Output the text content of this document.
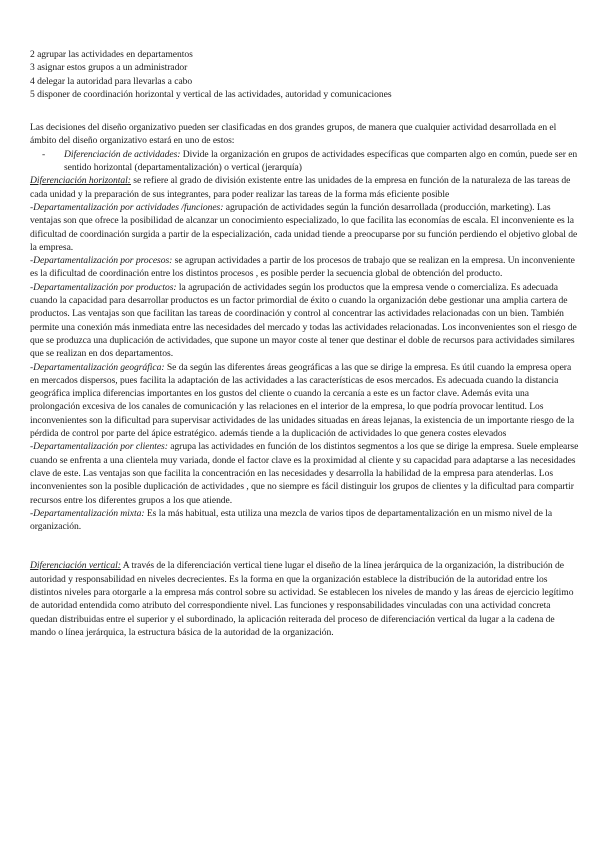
2 agrupar las actividades en departamentos
3 asignar estos grupos a un administrador
4 delegar la autoridad para llevarlas a cabo
5 disponer de coordinación horizontal y vertical de las actividades, autoridad y comunicaciones

Las decisiones del diseño organizativo pueden ser clasificadas en dos grandes grupos, de manera que cualquier actividad desarrollada en el ámbito del diseño organizativo estará en uno de estos:

-	Diferenciación de actividades: Divide la organización en grupos de actividades específicas que comparten algo en común, puede ser en sentido horizontal (departamentalización) o vertical (jerarquía)

Diferenciación horizontal: se refiere al grado de división existente entre las unidades de la empresa en función de la naturaleza de las tareas de cada unidad y la preparación de sus integrantes, para poder realizar las tareas de la forma más eficiente posible

-Departamentalización por actividades /funciones: agrupación de actividades según la función desarrollada (producción, marketing). Las ventajas son que ofrece la posibilidad de alcanzar un conocimiento especializado, lo que facilita las economías de escala. El inconveniente es la dificultad de coordinación surgida a partir de la especialización, cada unidad tiende a preocuparse por su función perdiendo el objetivo global de la empresa.

-Departamentalización por procesos: se agrupan actividades a partir de los procesos de trabajo que se realizan en la empresa. Un inconveniente es la dificultad de coordinación entre los distintos procesos , es posible perder la secuencia global de obtención del producto.

-Departamentalización por productos: la agrupación de actividades según los productos que la empresa vende o comercializa. Es adecuada cuando la capacidad para desarrollar productos es un factor primordial de éxito o cuando la organización debe gestionar una amplia cartera de productos. Las ventajas son que facilitan las tareas de coordinación y control al concentrar las actividades relacionadas con un bien. También permite una conexión más inmediata entre las necesidades del mercado y todas las actividades relacionadas. Los inconvenientes son el riesgo de que se produzca una duplicación de actividades, que supone un mayor coste al tener que destinar el doble de recursos para actividades similares que se realizan en dos departamentos.

-Departamentalización geográfica: Se da según las diferentes áreas geográficas a las que se dirige la empresa. Es útil cuando la empresa opera en mercados dispersos, pues facilita la adaptación de las actividades a las características de esos mercados. Es adecuada cuando la distancia geográfica implica diferencias importantes en los gustos del cliente o cuando la cercanía a este es un factor clave. Además evita una prolongación excesiva de los canales de comunicación y las relaciones en el interior de la empresa, lo que podría provocar lentitud. Los inconvenientes son la dificultad para supervisar actividades de las unidades situadas en áreas lejanas, la existencia de un importante riesgo de la pérdida de control por parte del ápice estratégico. además tiende a la duplicación de actividades lo que genera costes elevados

-Departamentalización por clientes: agrupa las actividades en función de los distintos segmentos a los que se dirige la empresa. Suele emplearse cuando se enfrenta a una clientela muy variada, donde el factor clave es la proximidad al cliente y su capacidad para adaptarse a las necesidades clave de este. Las ventajas son que facilita la concentración en las necesidades y desarrolla la habilidad de la empresa para atenderlas. Los inconvenientes son la posible duplicación de actividades , que no siempre es fácil distinguir los grupos de clientes y la dificultad para compartir recursos entre los diferentes grupos a los que atiende.

-Departamentalización mixta: Es la más habitual, esta utiliza una mezcla de varios tipos de departamentalización en un mismo nivel de la organización.

Diferenciación vertical: A través de la diferenciación vertical tiene lugar el diseño de la línea jerárquica de la organización, la distribución de autoridad y responsabilidad en niveles decrecientes. Es la forma en que la organización establece la distribución de la autoridad entre los distintos niveles para otorgarle a la empresa más control sobre su actividad. Se establecen los niveles de mando y las áreas de ejercicio legítimo de autoridad entendida como atributo del correspondiente nivel. Las funciones y responsabilidades vinculadas con una actividad concreta quedan distribuidas entre el superior y el subordinado, la aplicación reiterada del proceso de diferenciación vertical da lugar a la cadena de mando o línea jerárquica, la estructura básica de la autoridad de la organización.
